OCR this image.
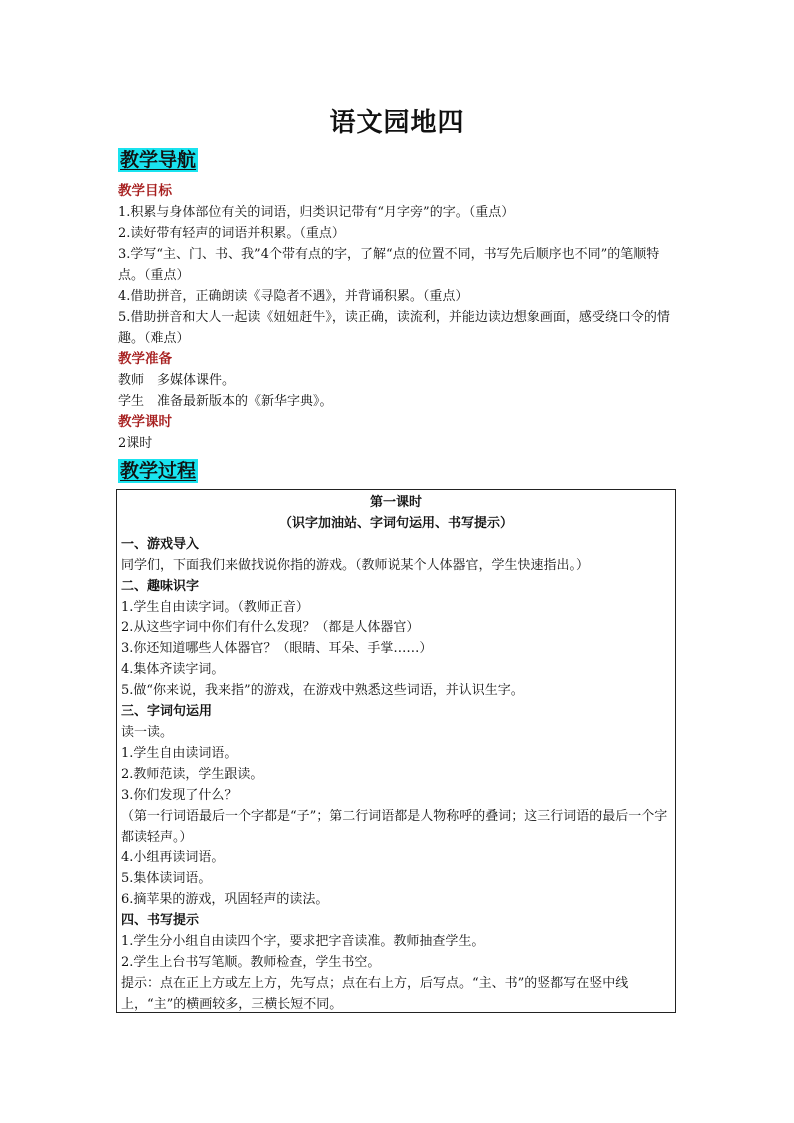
语文园地四
教学导航
教学目标
1.积累与身体部位有关的词语，归类识记带有“月字旁”的字。（重点）
2.读好带有轻声的词语并积累。（重点）
3.学写“主、门、书、我”4个带有点的字，了解“点的位置不同，书写先后顺序也不同”的笔顺特点。（重点）
4.借助拼音，正确朗读《寻隐者不遇》，并背诵积累。（重点）
5.借助拼音和大人一起读《妞妞赶牛》，读正确，读流利，并能边读边想象画面，感受绕口令的情趣。（难点）
教学准备
教师　多媒体课件。
学生　准备最新版本的《新华字典》。
教学课时
2课时
教学过程
第一课时
（识字加油站、字词句运用、书写提示）
一、游戏导入
同学们，下面我们来做找说你指的游戏。（教师说某个人体器官，学生快速指出。）
二、趣味识字
1.学生自由读字词。（教师正音）
2.从这些字词中你们有什么发现？（都是人体器官）
3.你还知道哪些人体器官？（眼睛、耳朵、手掌……）
4.集体齐读字词。
5.做“你来说，我来指”的游戏，在游戏中熟悉这些词语，并认识生字。
三、字词句运用
读一读。
1.学生自由读词语。
2.教师范读，学生跟读。
3.你们发现了什么？
（第一行词语最后一个字都是“子”；第二行词语都是人物称呼的叠词；这三行词语的最后一个字都读轻声。）
4.小组再读词语。
5.集体读词语。
6.摘苹果的游戏，巩固轻声的读法。
四、书写提示
1.学生分小组自由读四个字，要求把字音读准。教师抽查学生。
2.学生上台书写笔顺。教师检查，学生书空。
提示：点在正上方或左上方，先写点；点在右上方，后写点。“主、书”的竖都写在竖中线上，“主”的横画较多，三横长短不同。
